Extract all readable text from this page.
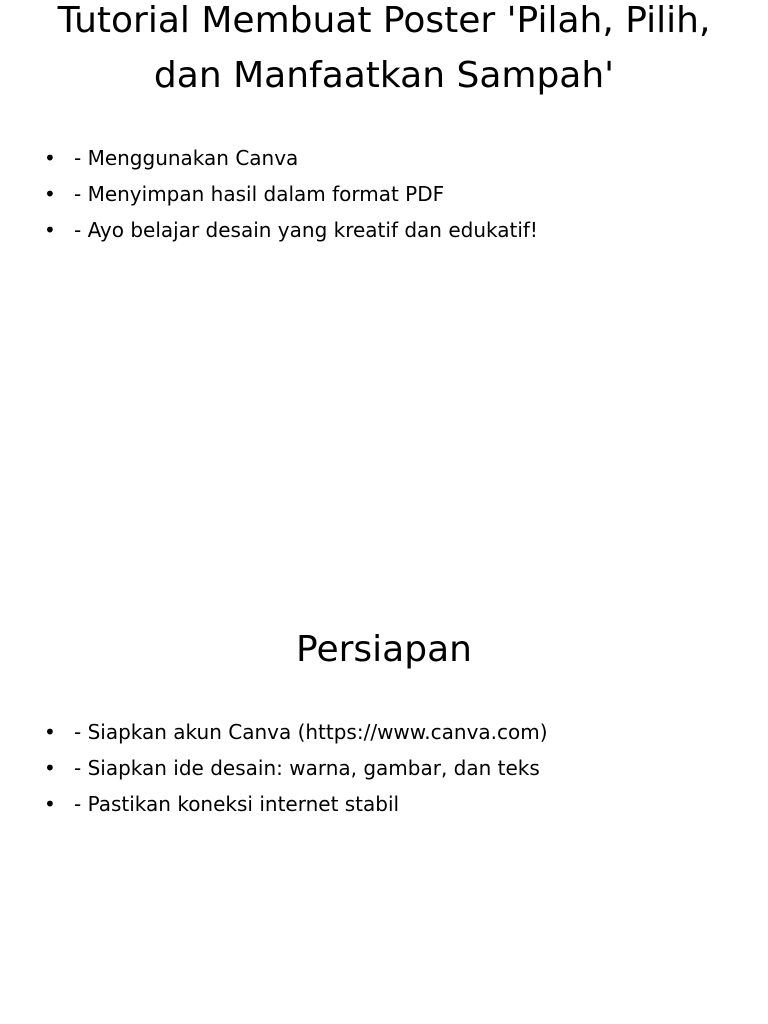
Tutorial Membuat Poster 'Pilah, Pilih, dan Manfaatkan Sampah'
• - Menggunakan Canva
• - Menyimpan hasil dalam format PDF
• - Ayo belajar desain yang kreatif dan edukatif!
Persiapan
• - Siapkan akun Canva (https://www.canva.com)
• - Siapkan ide desain: warna, gambar, dan teks
• - Pastikan koneksi internet stabil
